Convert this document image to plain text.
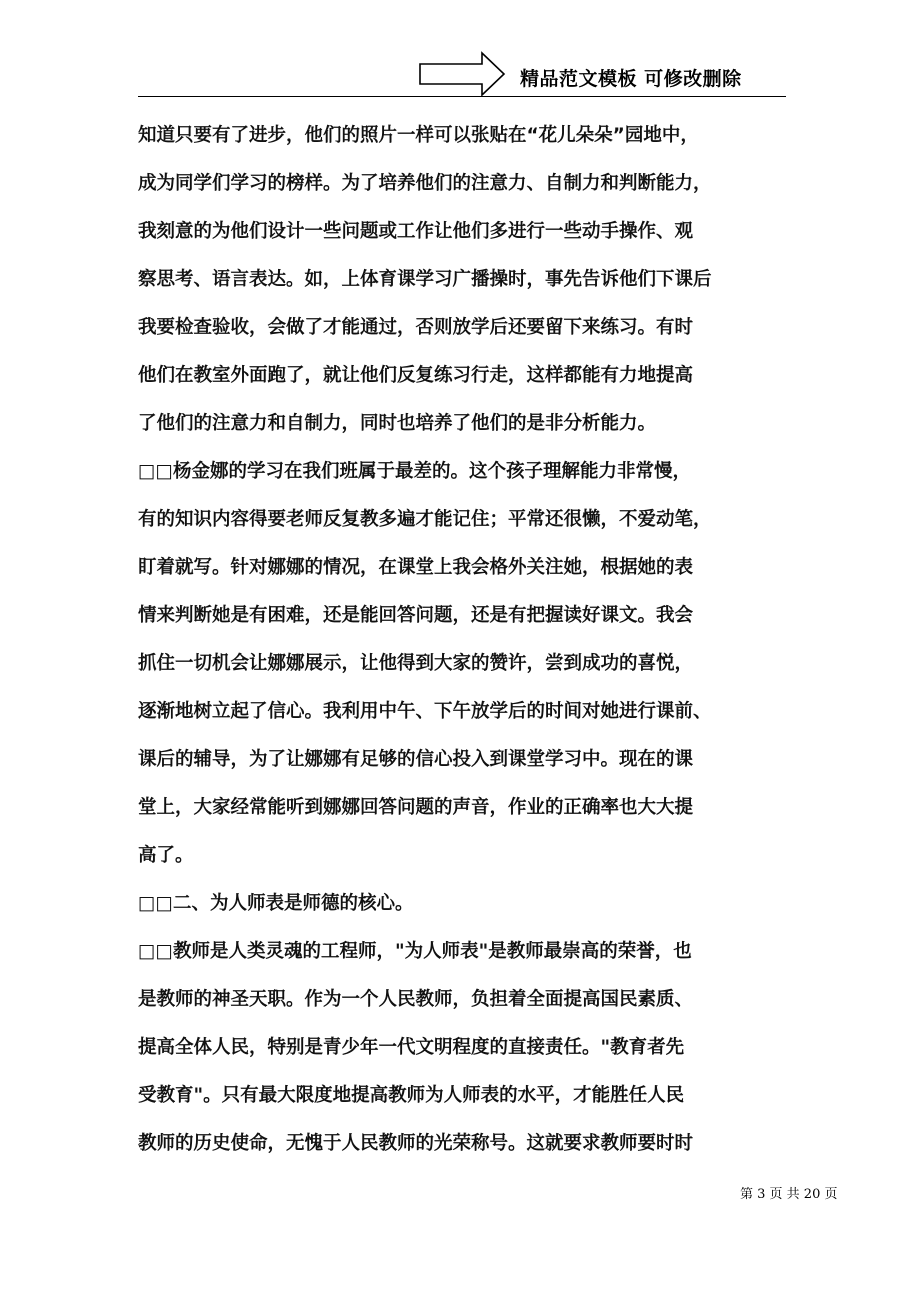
精品范文模板 可修改删除
知道只要有了进步，他们的照片一样可以张贴在“花儿朵朵”园地中，
成为同学们学习的榜样。为了培养他们的注意力、自制力和判断能力，
我刻意的为他们设计一些问题或工作让他们多进行一些动手操作、观
察思考、语言表达。如，上体育课学习广播操时，事先告诉他们下课后
我要检查验收，会做了才能通过，否则放学后还要留下来练习。有时
他们在教室外面跑了，就让他们反复练习行走，这样都能有力地提高
了他们的注意力和自制力，同时也培养了他们的是非分析能力。
□□杨金娜的学习在我们班属于最差的。这个孩子理解能力非常慢，
有的知识内容得要老师反复教多遍才能记住；平常还很懒，不爱动笔，
盯着就写。针对娜娜的情况，在课堂上我会格外关注她，根据她的表
情来判断她是有困难，还是能回答问题，还是有把握读好课文。我会
抓住一切机会让娜娜展示，让他得到大家的赞许，尝到成功的喜悦，
逐渐地树立起了信心。我利用中午、下午放学后的时间对她进行课前、
课后的辅导，为了让娜娜有足够的信心投入到课堂学习中。现在的课
堂上，大家经常能听到娜娜回答问题的声音，作业的正确率也大大提
高了。
□□二、为人师表是师德的核心。
□□教师是人类灵魂的工程师，"为人师表"是教师最崇高的荣誉，也
是教师的神圣天职。作为一个人民教师，负担着全面提高国民素质、
提高全体人民，特别是青少年一代文明程度的直接责任。"教育者先
受教育"。只有最大限度地提高教师为人师表的水平，才能胜任人民
教师的历史使命，无愧于人民教师的光荣称号。这就要求教师要时时
第 3 页 共 20 页
